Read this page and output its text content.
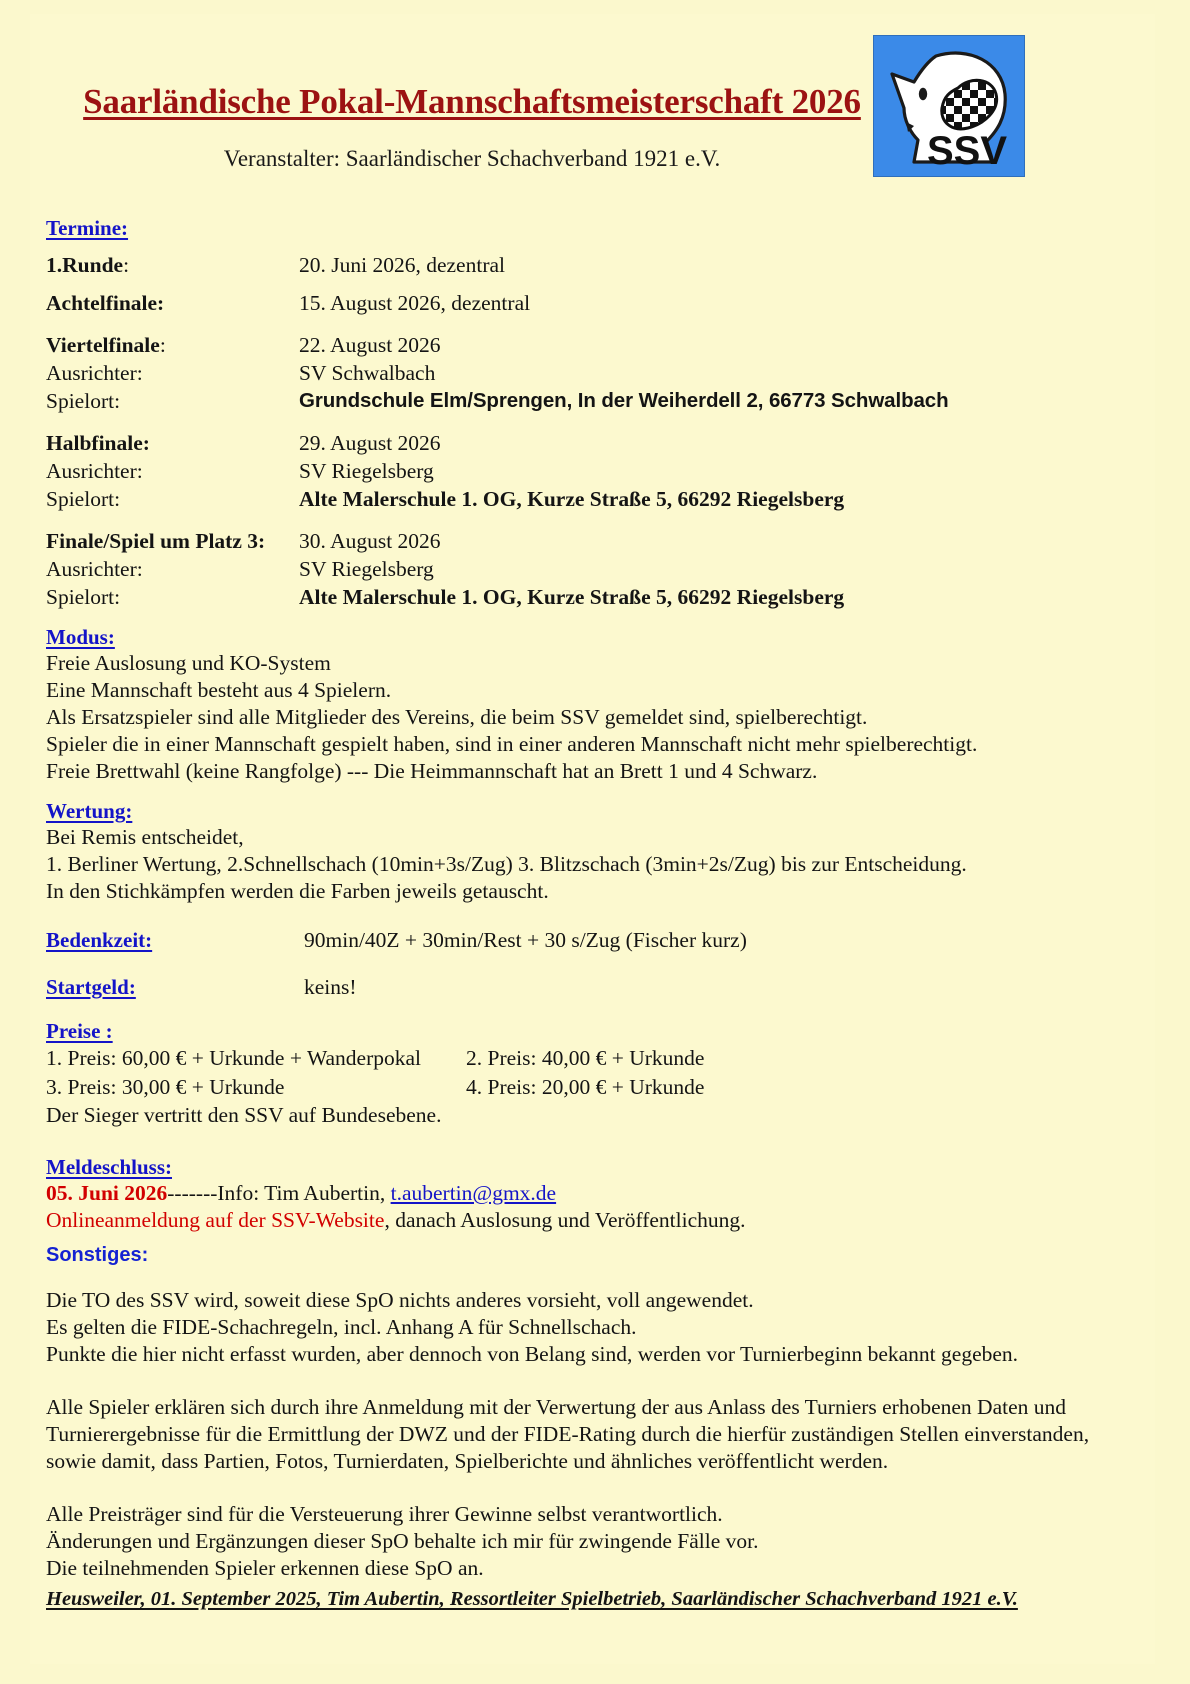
Saarländische Pokal-Mannschaftsmeisterschaft 2026
Veranstalter: Saarländischer Schachverband 1921 e.V.	SSV
Termine:
1.Runde:	20. Juni 2026, dezentral
Achtelfinale:	15. August 2026, dezentral
Viertelfinale:	22. August 2026
Ausrichter:	SV Schwalbach
Spielort:	Grundschule Elm/Sprengen, In der Weiherdell 2, 66773 Schwalbach
Halbfinale:	29. August 2026
Ausrichter:	SV Riegelsberg
Spielort:	Alte Malerschule 1. OG, Kurze Straße 5, 66292 Riegelsberg
Finale/Spiel um Platz 3:	30. August 2026
Ausrichter:	SV Riegelsberg
Spielort:	Alte Malerschule 1. OG, Kurze Straße 5, 66292 Riegelsberg
Modus:
Freie Auslosung und KO-System
Eine Mannschaft besteht aus 4 Spielern.
Als Ersatzspieler sind alle Mitglieder des Vereins, die beim SSV gemeldet sind, spielberechtigt.
Spieler die in einer Mannschaft gespielt haben, sind in einer anderen Mannschaft nicht mehr spielberechtigt.
Freie Brettwahl (keine Rangfolge) --- Die Heimmannschaft hat an Brett 1 und 4 Schwarz.
Wertung:
Bei Remis entscheidet,
1. Berliner Wertung, 2.Schnellschach (10min+3s/Zug) 3. Blitzschach (3min+2s/Zug) bis zur Entscheidung.
In den Stichkämpfen werden die Farben jeweils getauscht.
Bedenkzeit:	90min/40Z + 30min/Rest + 30 s/Zug (Fischer kurz)
Startgeld:	keins!
Preise :
1. Preis: 60,00 € + Urkunde + Wanderpokal	2. Preis: 40,00 € + Urkunde
3. Preis: 30,00 € + Urkunde	4. Preis: 20,00 € + Urkunde
Der Sieger vertritt den SSV auf Bundesebene.
Meldeschluss:
05. Juni 2026-------Info: Tim Aubertin, t.aubertin@gmx.de
Onlineanmeldung auf der SSV-Website, danach Auslosung und Veröffentlichung.
Sonstiges:
Die TO des SSV wird, soweit diese SpO nichts anderes vorsieht, voll angewendet.
Es gelten die FIDE-Schachregeln, incl. Anhang A für Schnellschach.
Punkte die hier nicht erfasst wurden, aber dennoch von Belang sind, werden vor Turnierbeginn bekannt gegeben.
Alle Spieler erklären sich durch ihre Anmeldung mit der Verwertung der aus Anlass des Turniers erhobenen Daten und
Turnierergebnisse für die Ermittlung der DWZ und der FIDE-Rating durch die hierfür zuständigen Stellen einverstanden,
sowie damit, dass Partien, Fotos, Turnierdaten, Spielberichte und ähnliches veröffentlicht werden.
Alle Preisträger sind für die Versteuerung ihrer Gewinne selbst verantwortlich.
Änderungen und Ergänzungen dieser SpO behalte ich mir für zwingende Fälle vor.
Die teilnehmenden Spieler erkennen diese SpO an.
Heusweiler, 01. September 2025, Tim Aubertin, Ressortleiter Spielbetrieb, Saarländischer Schachverband 1921 e.V.
